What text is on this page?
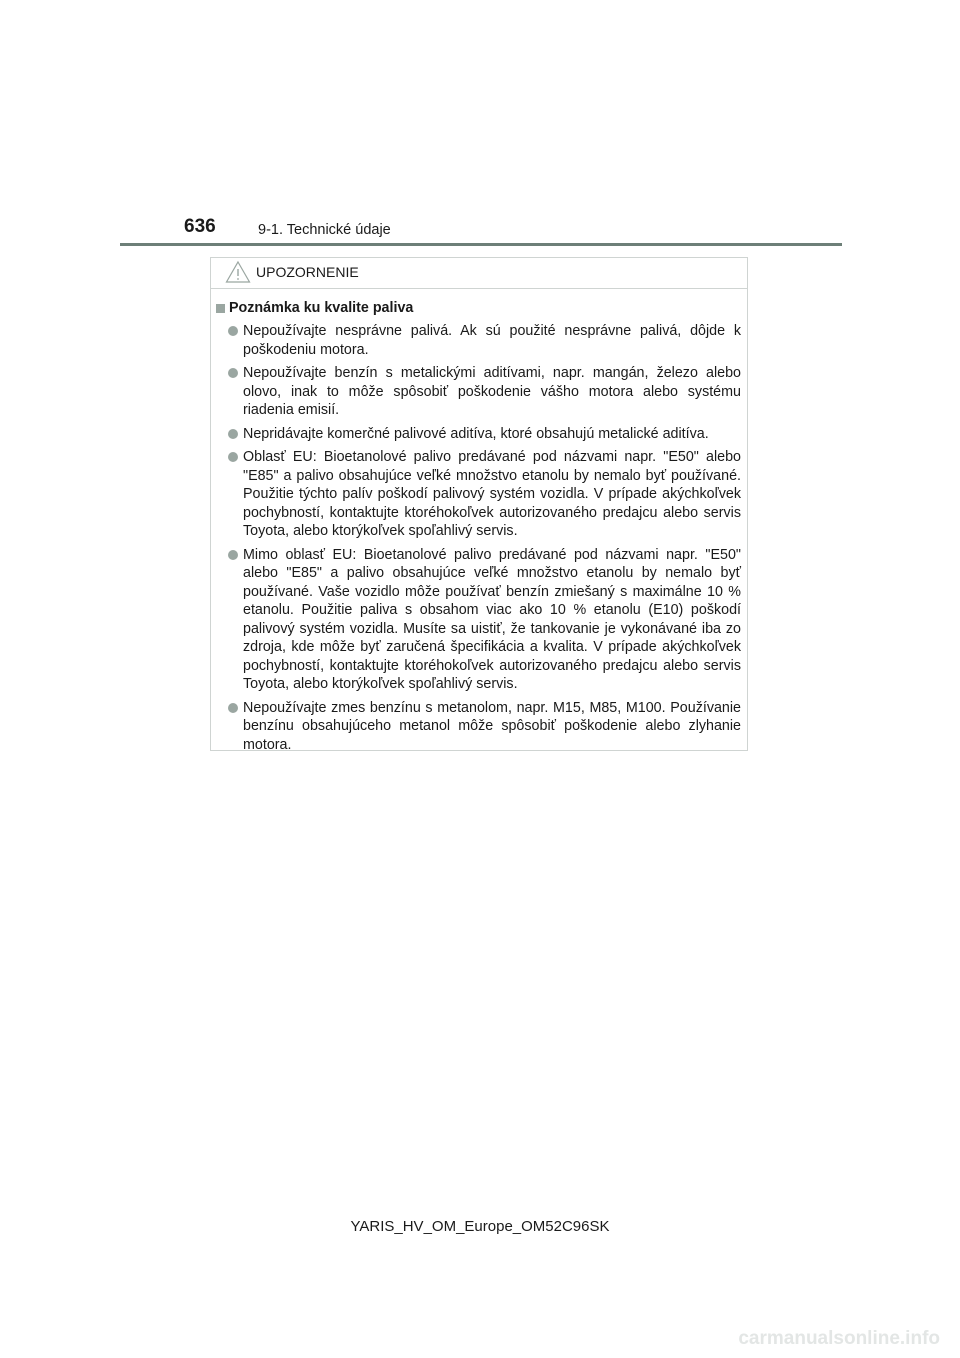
636	9-1. Technické údaje
UPOZORNENIE
Poznámka ku kvalite paliva
Nepoužívajte nesprávne palivá. Ak sú použité nesprávne palivá, dôjde k poškodeniu motora.
Nepoužívajte benzín s metalickými aditívami, napr. mangán, železo alebo olovo, inak to môže spôsobiť poškodenie vášho motora alebo systému riadenia emisií.
Nepridávajte komerčné palivové aditíva, ktoré obsahujú metalické aditíva.
Oblasť EU: Bioetanolové palivo predávané pod názvami napr. "E50" alebo "E85" a palivo obsahujúce veľké množstvo etanolu by nemalo byť používané. Použitie týchto palív poškodí palivový systém vozidla. V prípade akýchkoľvek pochybností, kontaktujte ktoréhokoľvek autorizovaného predajcu alebo servis Toyota, alebo ktorýkoľvek spoľahlivý servis.
Mimo oblasť EU: Bioetanolové palivo predávané pod názvami napr. "E50" alebo "E85" a palivo obsahujúce veľké množstvo etanolu by nemalo byť používané. Vaše vozidlo môže používať benzín zmiešaný s maximálne 10 % etanolu. Použitie paliva s obsahom viac ako 10 % etanolu (E10) poškodí palivový systém vozidla. Musíte sa uistiť, že tankovanie je vykonávané iba zo zdroja, kde môže byť zaručená špecifikácia a kvalita. V prípade akýchkoľvek pochybností, kontaktujte ktoréhokoľvek autorizovaného predajcu alebo servis Toyota, alebo ktorýkoľvek spoľahlivý servis.
Nepoužívajte zmes benzínu s metanolom, napr. M15, M85, M100. Používanie benzínu obsahujúceho metanol môže spôsobiť poškodenie alebo zlyhanie motora.
YARIS_HV_OM_Europe_OM52C96SK
carmanualsonline.info
